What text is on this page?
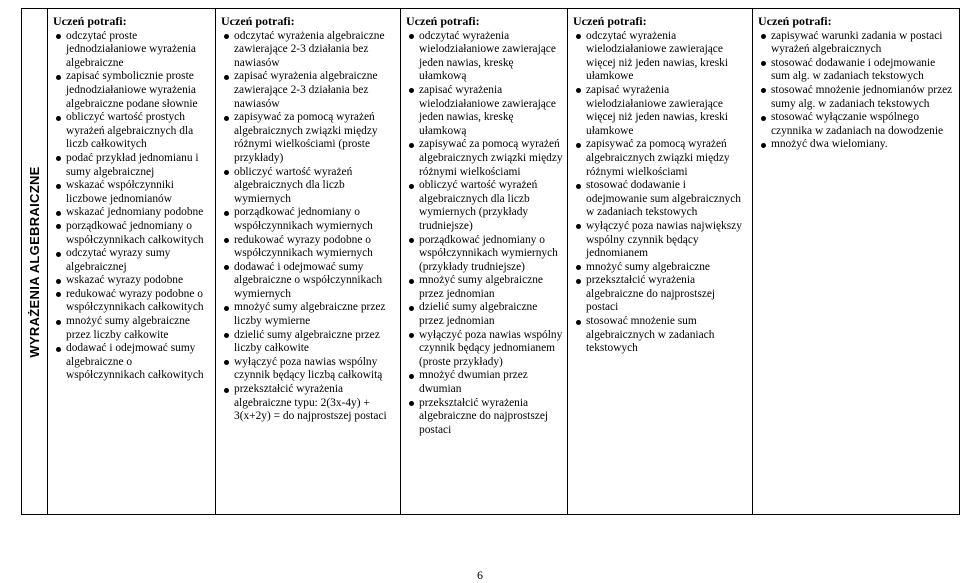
WYRAŻENIA ALGEBRAICZNE

Uczeń potrafi:
odczytać proste jednodziałaniowe wyrażenia algebraiczne
zapisać symbolicznie proste jednodziałaniowe wyrażenia algebraiczne podane słownie
obliczyć wartość prostych wyrażeń algebraicznych dla liczb całkowitych
podać przykład jednomianu i sumy algebraicznej
wskazać współczynniki liczbowe jednomianów
wskazać jednomiany podobne
porządkować jednomiany o współczynnikach całkowitych
odczytać wyrazy sumy algebraicznej
wskazać wyrazy podobne
redukować wyrazy podobne o współczynnikach całkowitych
mnożyć sumy algebraiczne przez liczby całkowite
dodawać i odejmować sumy algebraiczne o współczynnikach całkowitych

Uczeń potrafi:
odczytać wyrażenia algebraiczne zawierające 2-3 działania bez nawiasów
zapisać wyrażenia algebraiczne zawierające 2-3 działania bez nawiasów
zapisywać za pomocą wyrażeń algebraicznych związki między różnymi wielkościami (proste przykłady)
obliczyć wartość wyrażeń algebraicznych dla liczb wymiernych
porządkować jednomiany o współczynnikach wymiernych
redukować wyrazy podobne o współczynnikach wymiernych
dodawać i odejmować sumy algebraiczne o współczynnikach wymiernych
mnożyć sumy algebraiczne przez liczby wymierne
dzielić sumy algebraiczne przez liczby całkowite
wyłączyć poza nawias wspólny czynnik będący liczbą całkowitą
przekształcić wyrażenia algebraiczne typu: 2(3x-4y) + 3(x+2y) = do najprostszej postaci

Uczeń potrafi:
odczytać wyrażenia wielodziałaniowe zawierające jeden nawias, kreskę ułamkową
zapisać wyrażenia wielodziałaniowe zawierające jeden nawias, kreskę ułamkową
zapisywać za pomocą wyrażeń algebraicznych związki między różnymi wielkościami
obliczyć wartość wyrażeń algebraicznych dla liczb wymiernych (przykłady trudniejsze)
porządkować jednomiany o współczynnikach wymiernych (przykłady trudniejsze)
mnożyć sumy algebraiczne przez jednomian
dzielić sumy algebraiczne przez jednomian
wyłączyć poza nawias wspólny czynnik będący jednomianem (proste przykłady)
mnożyć dwumian przez dwumian
przekształcić wyrażenia algebraiczne do najprostszej postaci

Uczeń potrafi:
odczytać wyrażenia wielodziałaniowe zawierające więcej niż jeden nawias, kreski ułamkowe
zapisać wyrażenia wielodziałaniowe zawierające więcej niż jeden nawias, kreski ułamkowe
zapisywać za pomocą wyrażeń algebraicznych związki między różnymi wielkościami
stosować dodawanie i odejmowanie sum algebraicznych w zadaniach tekstowych
wyłączyć poza nawias największy wspólny czynnik będący jednomianem
mnożyć sumy algebraiczne
przekształcić wyrażenia algebraiczne do najprostszej postaci
stosować mnożenie sum algebraicznych w zadaniach tekstowych

Uczeń potrafi:
zapisywać warunki zadania w postaci wyrażeń algebraicznych
stosować dodawanie i odejmowanie sum alg. w zadaniach tekstowych
stosować mnożenie jednomianów przez sumy alg. w zadaniach tekstowych
stosować wyłączanie wspólnego czynnika w zadaniach na dowodzenie
mnożyć dwa wielomiany.
6
